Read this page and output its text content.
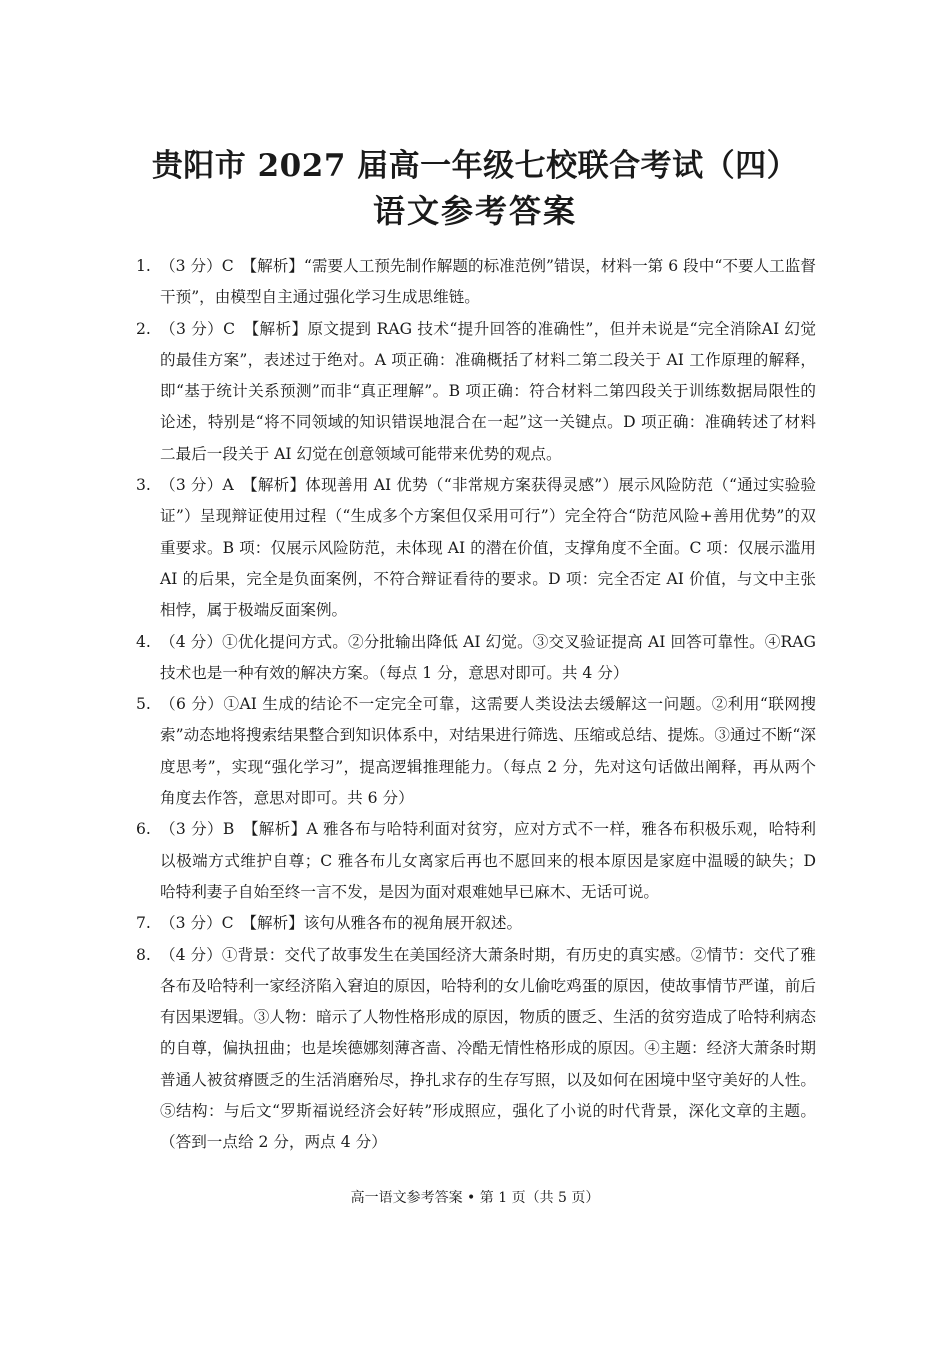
贵阳市 2027 届高一年级七校联合考试（四）
语文参考答案
1. （3 分）C　【解析】“需要人工预先制作解题的标准范例”错误，材料一第 6 段中“不要人工监督干预”，由模型自主通过强化学习生成思维链。
2. （3 分）C　【解析】原文提到 RAG 技术“提升回答的准确性”，但并未说是“完全消除AI 幻觉的最佳方案”，表述过于绝对。A 项正确：准确概括了材料二第二段关于 AI 工作原理的解释，即“基于统计关系预测”而非“真正理解”。B 项正确：符合材料二第四段关于训练数据局限性的论述，特别是“将不同领域的知识错误地混合在一起”这一关键点。D 项正确：准确转述了材料二最后一段关于 AI 幻觉在创意领域可能带来优势的观点。
3. （3 分）A　【解析】体现善用 AI 优势（“非常规方案获得灵感”）展示风险防范（“通过实验验证”）呈现辩证使用过程（“生成多个方案但仅采用可行”）完全符合“防范风险+善用优势”的双重要求。B 项：仅展示风险防范，未体现 AI 的潜在价值，支撑角度不全面。C 项：仅展示滥用 AI 的后果，完全是负面案例，不符合辩证看待的要求。D 项：完全否定 AI 价值，与文中主张相悖，属于极端反面案例。
4. （4 分）①优化提问方式。②分批输出降低 AI 幻觉。③交叉验证提高 AI 回答可靠性。④RAG 技术也是一种有效的解决方案。（每点 1 分，意思对即可。共 4 分）
5. （6 分）①AI 生成的结论不一定完全可靠，这需要人类设法去缓解这一问题。②利用“联网搜索”动态地将搜索结果整合到知识体系中，对结果进行筛选、压缩或总结、提炼。③通过不断“深度思考”，实现“强化学习”，提高逻辑推理能力。（每点 2 分，先对这句话做出阐释，再从两个角度去作答，意思对即可。共 6 分）
6. （3 分）B　【解析】A 雅各布与哈特利面对贫穷，应对方式不一样，雅各布积极乐观，哈特利以极端方式维护自尊；C 雅各布儿女离家后再也不愿回来的根本原因是家庭中温暖的缺失；D 哈特利妻子自始至终一言不发，是因为面对艰难她早已麻木、无话可说。
7. （3 分）C　【解析】该句从雅各布的视角展开叙述。
8. （4 分）①背景：交代了故事发生在美国经济大萧条时期，有历史的真实感。②情节：交代了雅各布及哈特利一家经济陷入窘迫的原因，哈特利的女儿偷吃鸡蛋的原因，使故事情节严谨，前后有因果逻辑。③人物：暗示了人物性格形成的原因，物质的匮乏、生活的贫穷造成了哈特利病态的自尊，偏执扭曲；也是埃德娜刻薄吝啬、冷酷无情性格形成的原因。④主题：经济大萧条时期普通人被贫瘠匮乏的生活消磨殆尽，挣扎求存的生存写照，以及如何在困境中坚守美好的人性。⑤结构：与后文“罗斯福说经济会好转”形成照应，强化了小说的时代背景，深化文章的主题。（答到一点给 2 分，两点 4 分）
高一语文参考答案 • 第 1 页（共 5 页）
